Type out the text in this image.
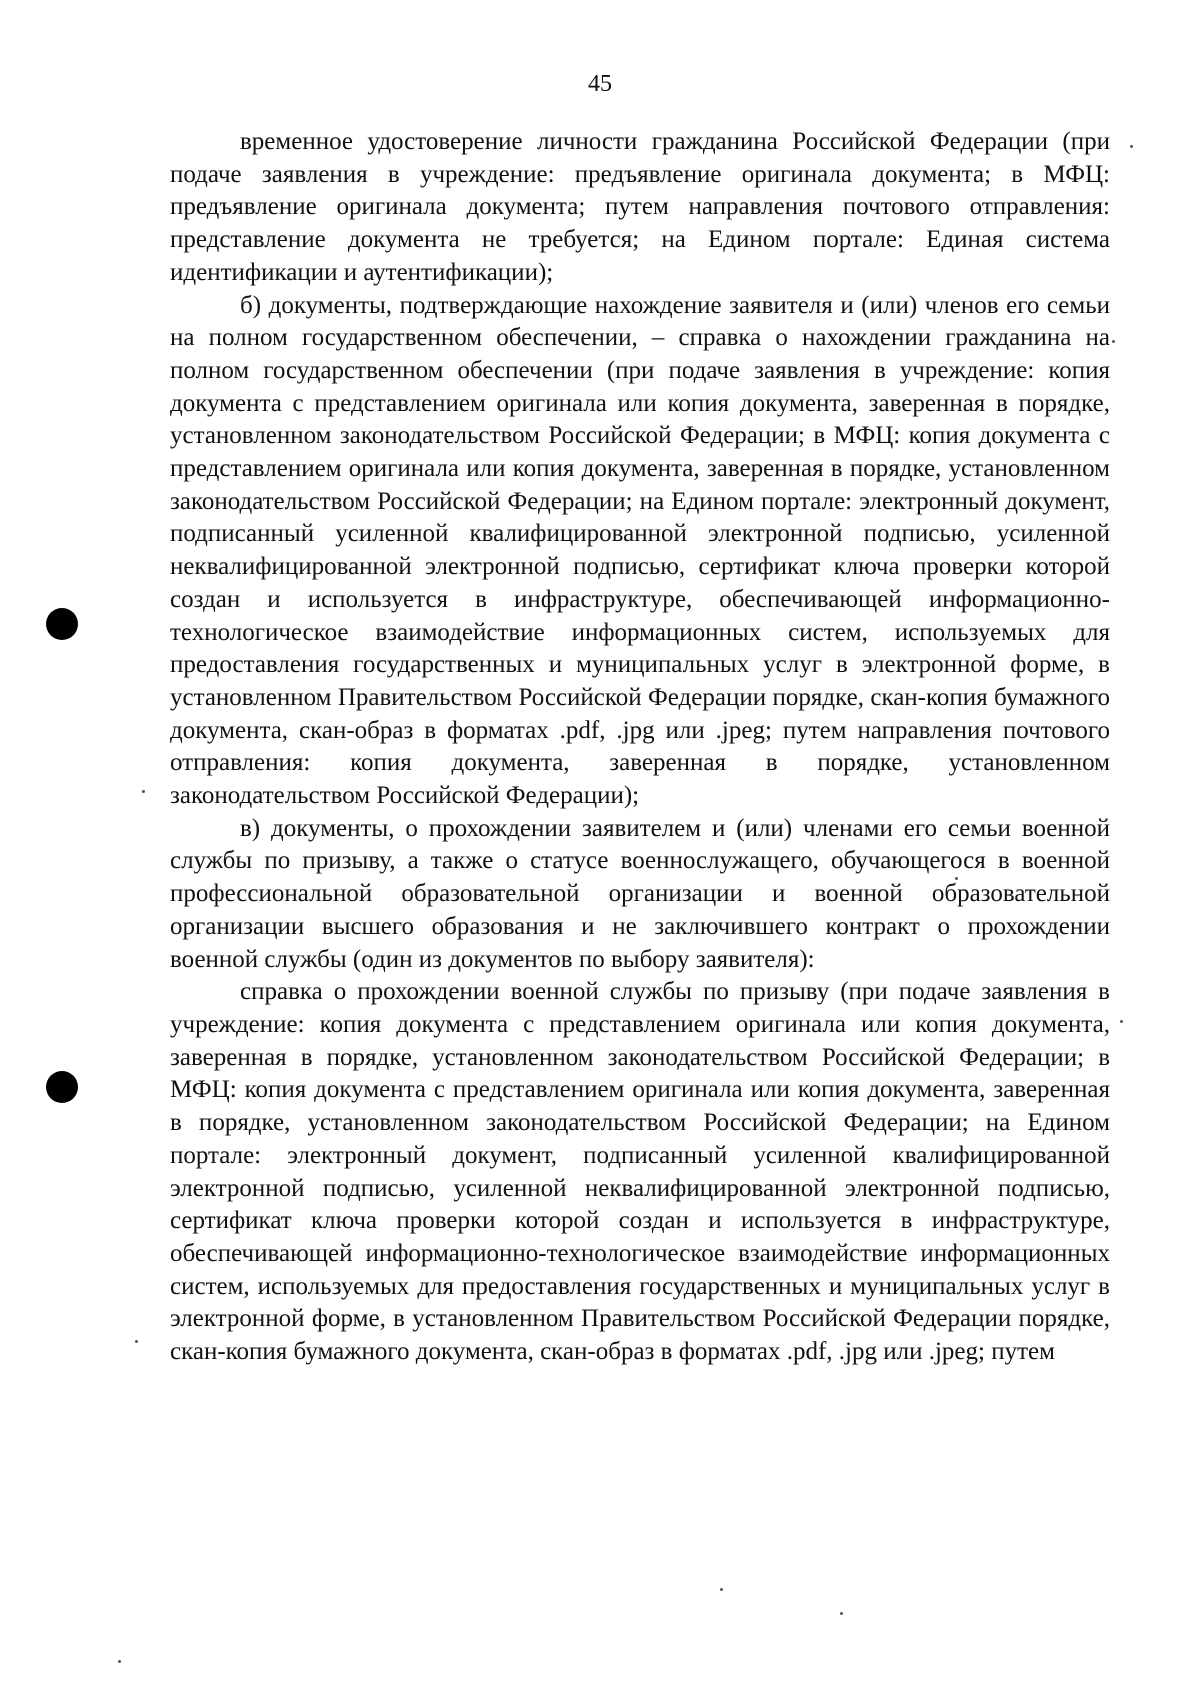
45

временное удостоверение личности гражданина Российской Федерации (при подаче заявления в учреждение: предъявление оригинала документа; в МФЦ: предъявление оригинала документа; путем направления почтового отправления: представление документа не требуется; на Едином портале: Единая система идентификации и аутентификации);

б) документы, подтверждающие нахождение заявителя и (или) членов его семьи на полном государственном обеспечении, – справка о нахождении гражданина на полном государственном обеспечении (при подаче заявления в учреждение: копия документа с представлением оригинала или копия документа, заверенная в порядке, установленном законодательством Российской Федерации; в МФЦ: копия документа с представлением оригинала или копия документа, заверенная в порядке, установленном законодательством Российской Федерации; на Едином портале: электронный документ, подписанный усиленной квалифицированной электронной подписью, усиленной неквалифицированной электронной подписью, сертификат ключа проверки которой создан и используется в инфраструктуре, обеспечивающей информационно-технологическое взаимодействие информационных систем, используемых для предоставления государственных и муниципальных услуг в электронной форме, в установленном Правительством Российской Федерации порядке, скан-копия бумажного документа, скан-образ в форматах .pdf, .jpg или .jpeg; путем направления почтового отправления: копия документа, заверенная в порядке, установленном законодательством Российской Федерации);

в) документы, о прохождении заявителем и (или) членами его семьи военной службы по призыву, а также о статусе военнослужащего, обучающегося в военной профессиональной образовательной организации и военной образовательной организации высшего образования и не заключившего контракт о прохождении военной службы (один из документов по выбору заявителя):

справка о прохождении военной службы по призыву (при подаче заявления в учреждение: копия документа с представлением оригинала или копия документа, заверенная в порядке, установленном законодательством Российской Федерации; в МФЦ: копия документа с представлением оригинала или копия документа, заверенная в порядке, установленном законодательством Российской Федерации; на Едином портале: электронный документ, подписанный усиленной квалифицированной электронной подписью, усиленной неквалифицированной электронной подписью, сертификат ключа проверки которой создан и используется в инфраструктуре, обеспечивающей информационно-технологическое взаимодействие информационных систем, используемых для предоставления государственных и муниципальных услуг в электронной форме, в установленном Правительством Российской Федерации порядке, скан-копия бумажного документа, скан-образ в форматах .pdf, .jpg или .jpeg; путем
